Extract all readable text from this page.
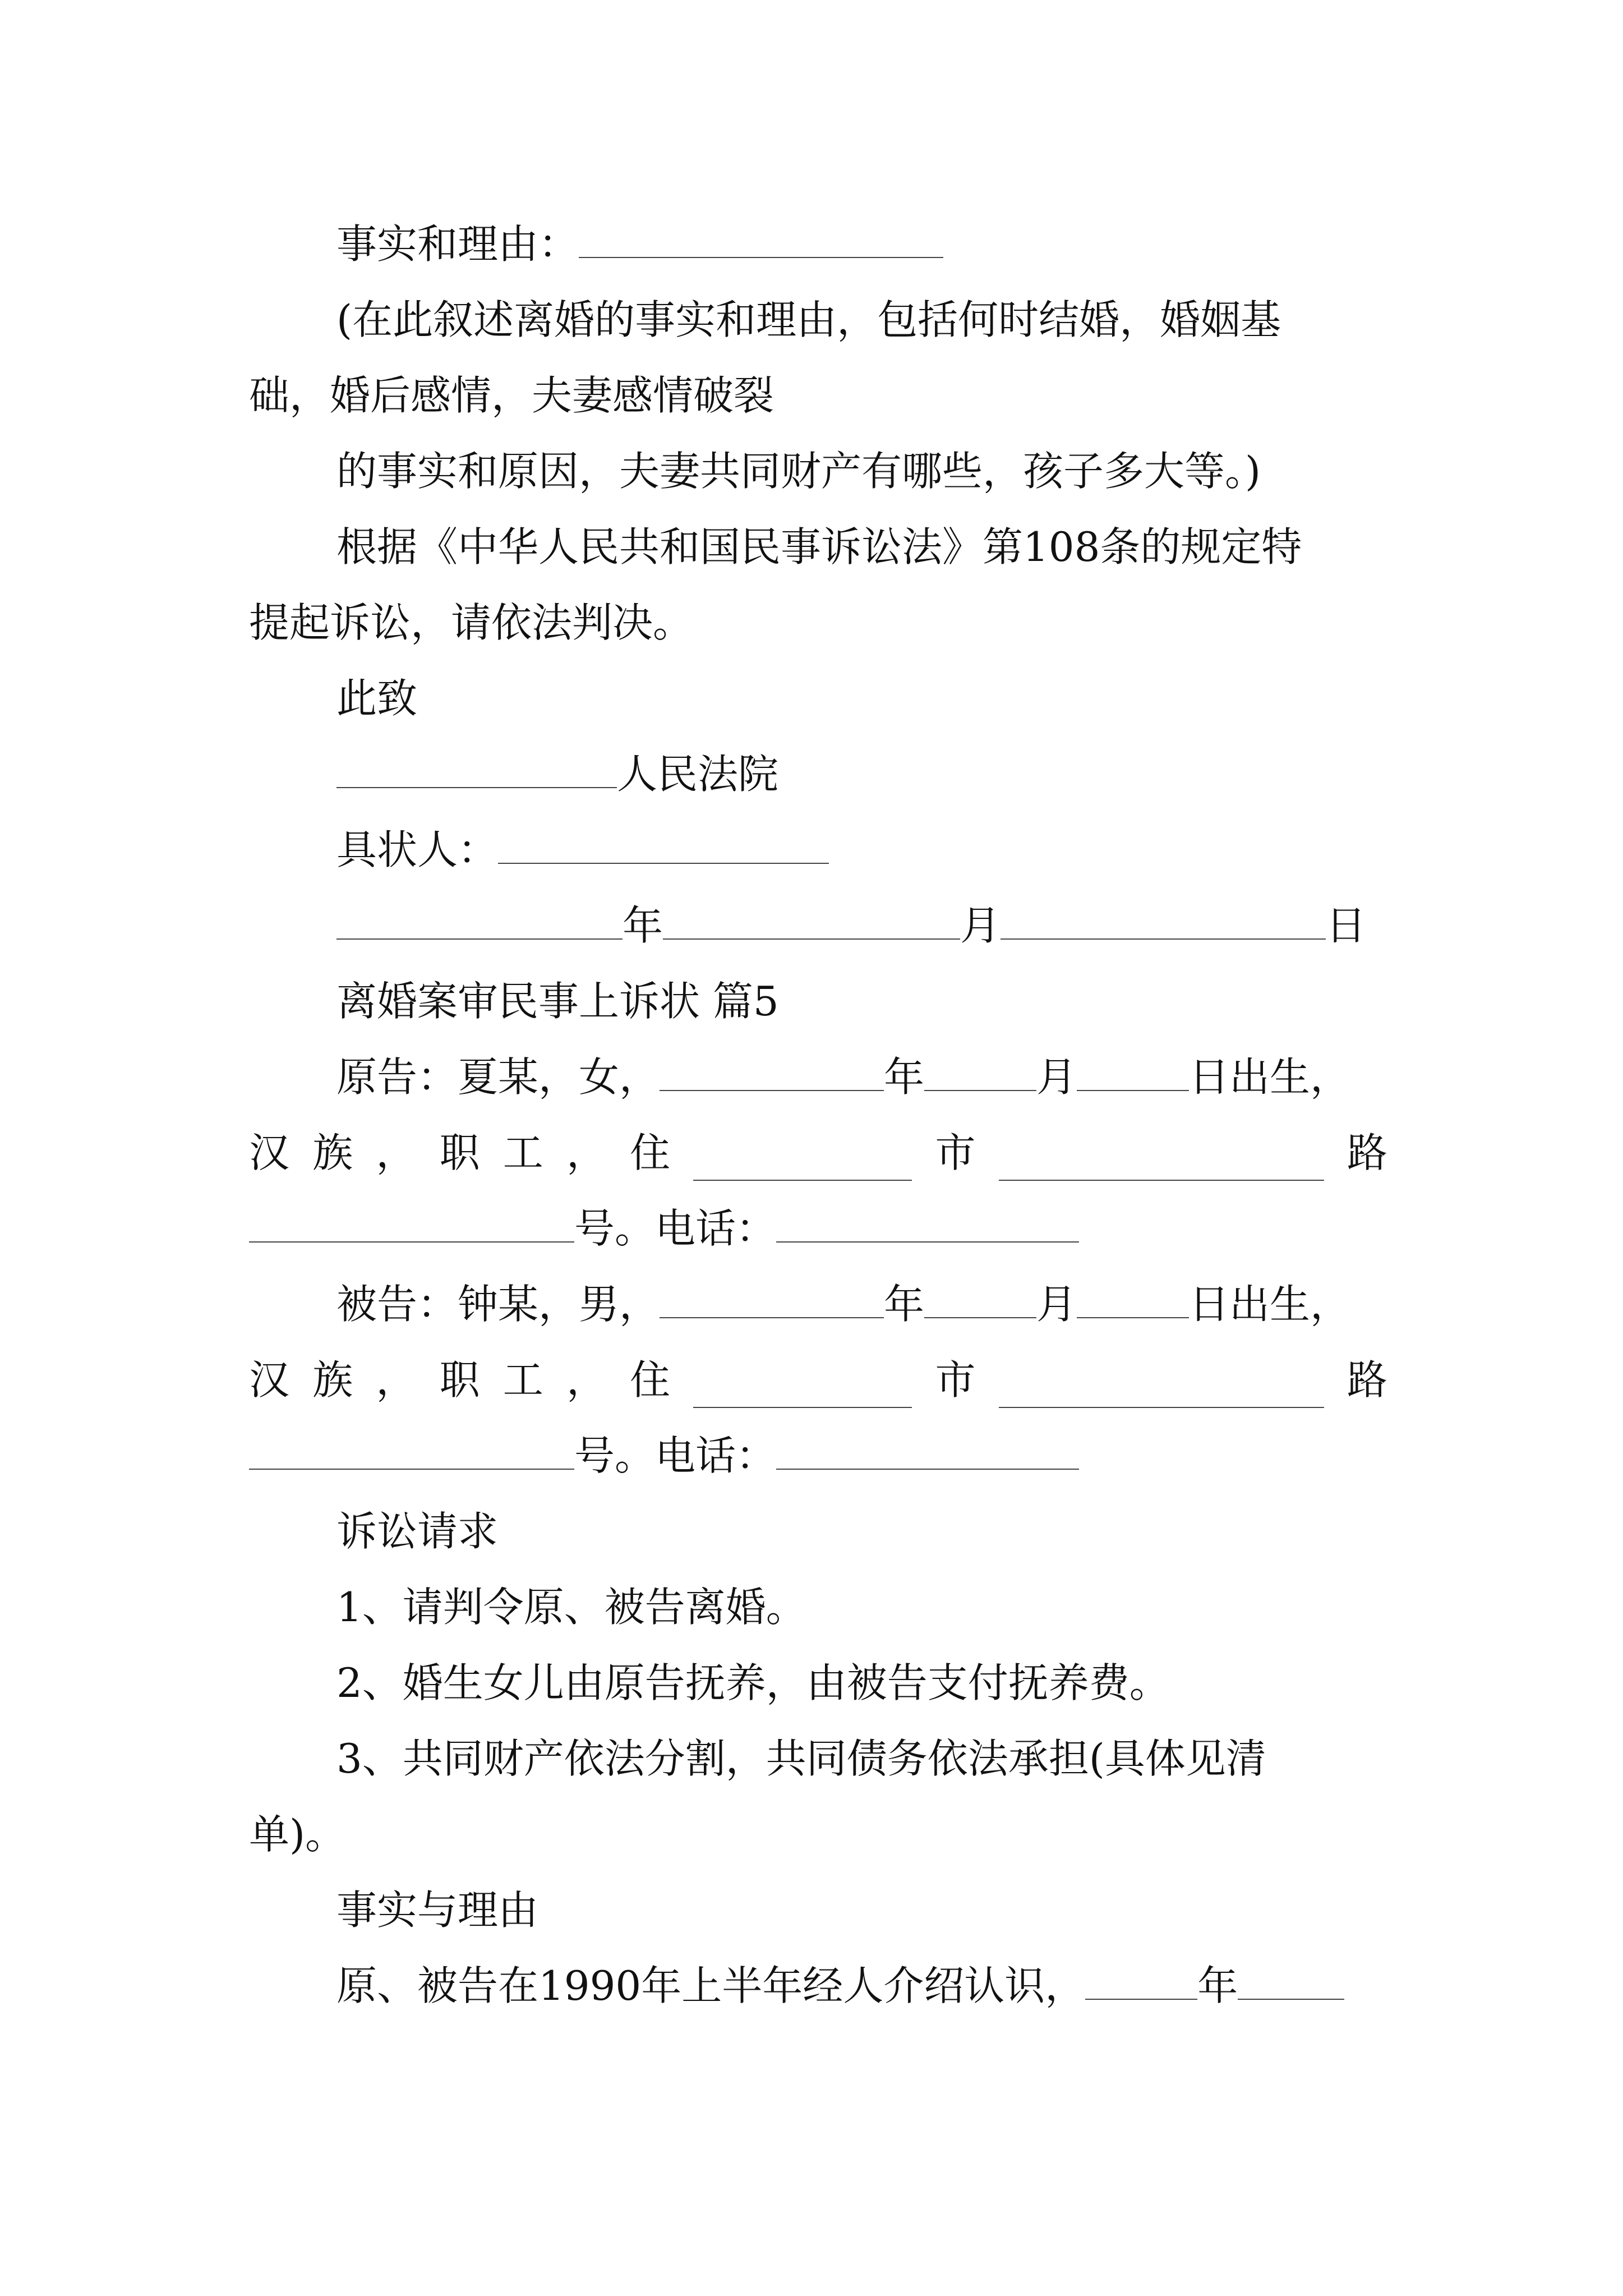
事实和理由：
(在此叙述离婚的事实和理由，包括何时结婚，婚姻基
础，婚后感情，夫妻感情破裂
的事实和原因，夫妻共同财产有哪些，孩子多大等。)
根据《中华人民共和国民事诉讼法》第108条的规定特
提起诉讼，请依法判决。
此致
人民法院
具状人：
年	月	日
离婚案审民事上诉状 篇5
原告：夏某，女，	年	月	日出生，
汉 族 ， 职 工 ， 住	市	路
号。电话：
被告：钟某，男，	年	月	日出生，
汉 族 ， 职 工 ， 住	市	路
号。电话：
诉讼请求
1、请判令原、被告离婚。
2、婚生女儿由原告抚养，由被告支付抚养费。
3、共同财产依法分割，共同债务依法承担(具体见清
单)。
事实与理由
原、被告在1990年上半年经人介绍认识，	年
